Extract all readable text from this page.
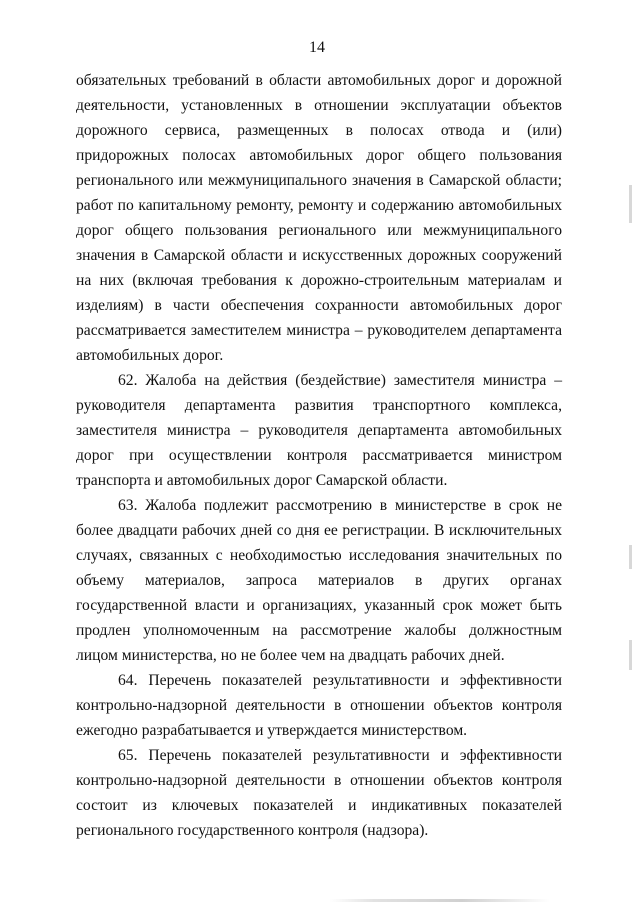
14

обязательных требований в области автомобильных дорог и дорожной деятельности, установленных в отношении эксплуатации объектов дорожного сервиса, размещенных в полосах отвода и (или) придорожных полосах автомобильных дорог общего пользования регионального или межмуниципального значения в Самарской области; работ по капитальному ремонту, ремонту и содержанию автомобильных дорог общего пользования регионального или межмуниципального значения в Самарской области и искусственных дорожных сооружений на них (включая требования к дорожно-строительным материалам и изделиям) в части обеспечения сохранности автомобильных дорог рассматривается заместителем министра – руководителем департамента автомобильных дорог.

62. Жалоба на действия (бездействие) заместителя министра – руководителя департамента развития транспортного комплекса, заместителя министра – руководителя департамента автомобильных дорог при осуществлении контроля рассматривается министром транспорта и автомобильных дорог Самарской области.

63. Жалоба подлежит рассмотрению в министерстве в срок не более двадцати рабочих дней со дня ее регистрации. В исключительных случаях, связанных с необходимостью исследования значительных по объему материалов, запроса материалов в других органах государственной власти и организациях, указанный срок может быть продлен уполномоченным на рассмотрение жалобы должностным лицом министерства, но не более чем на двадцать рабочих дней.

64. Перечень показателей результативности и эффективности контрольно-надзорной деятельности в отношении объектов контроля ежегодно разрабатывается и утверждается министерством.

65. Перечень показателей результативности и эффективности контрольно-надзорной деятельности в отношении объектов контроля состоит из ключевых показателей и индикативных показателей регионального государственного контроля (надзора).
